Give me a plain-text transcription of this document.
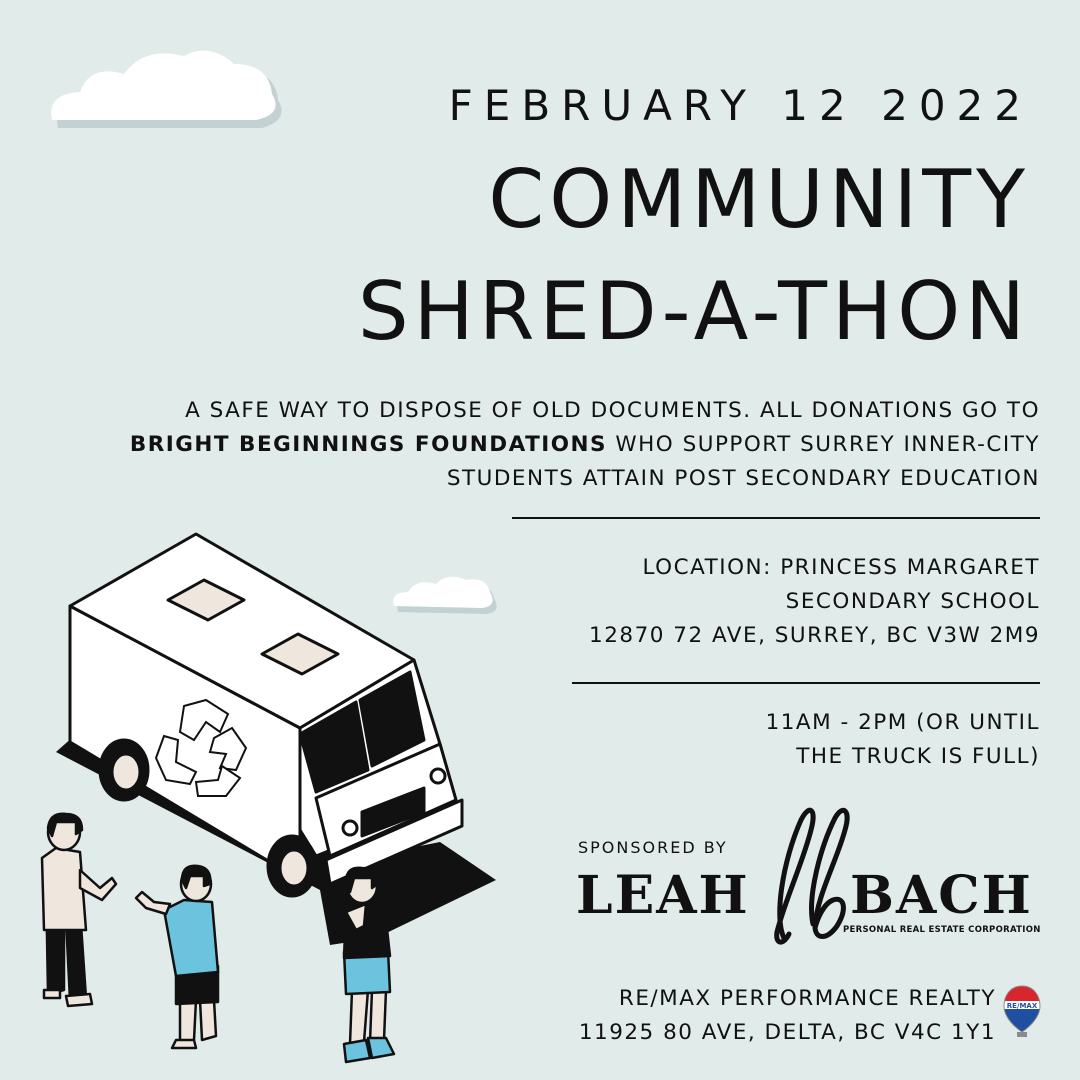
FEBRUARY 12 2022

COMMUNITY
SHRED-A-THON

A SAFE WAY TO DISPOSE OF OLD DOCUMENTS. ALL DONATIONS GO TO BRIGHT BEGINNINGS FOUNDATIONS WHO SUPPORT SURREY INNER-CITY STUDENTS ATTAIN POST SECONDARY EDUCATION

LOCATION: PRINCESS MARGARET
SECONDARY SCHOOL
12870 72 AVE, SURREY, BC V3W 2M9

11AM - 2PM (OR UNTIL
THE TRUCK IS FULL)

SPONSORED BY

LEAH BACH

PERSONAL REAL ESTATE CORPORATION

RE/MAX PERFORMANCE REALTY
11925 80 AVE, DELTA, BC V4C 1Y1

RE/MAX
